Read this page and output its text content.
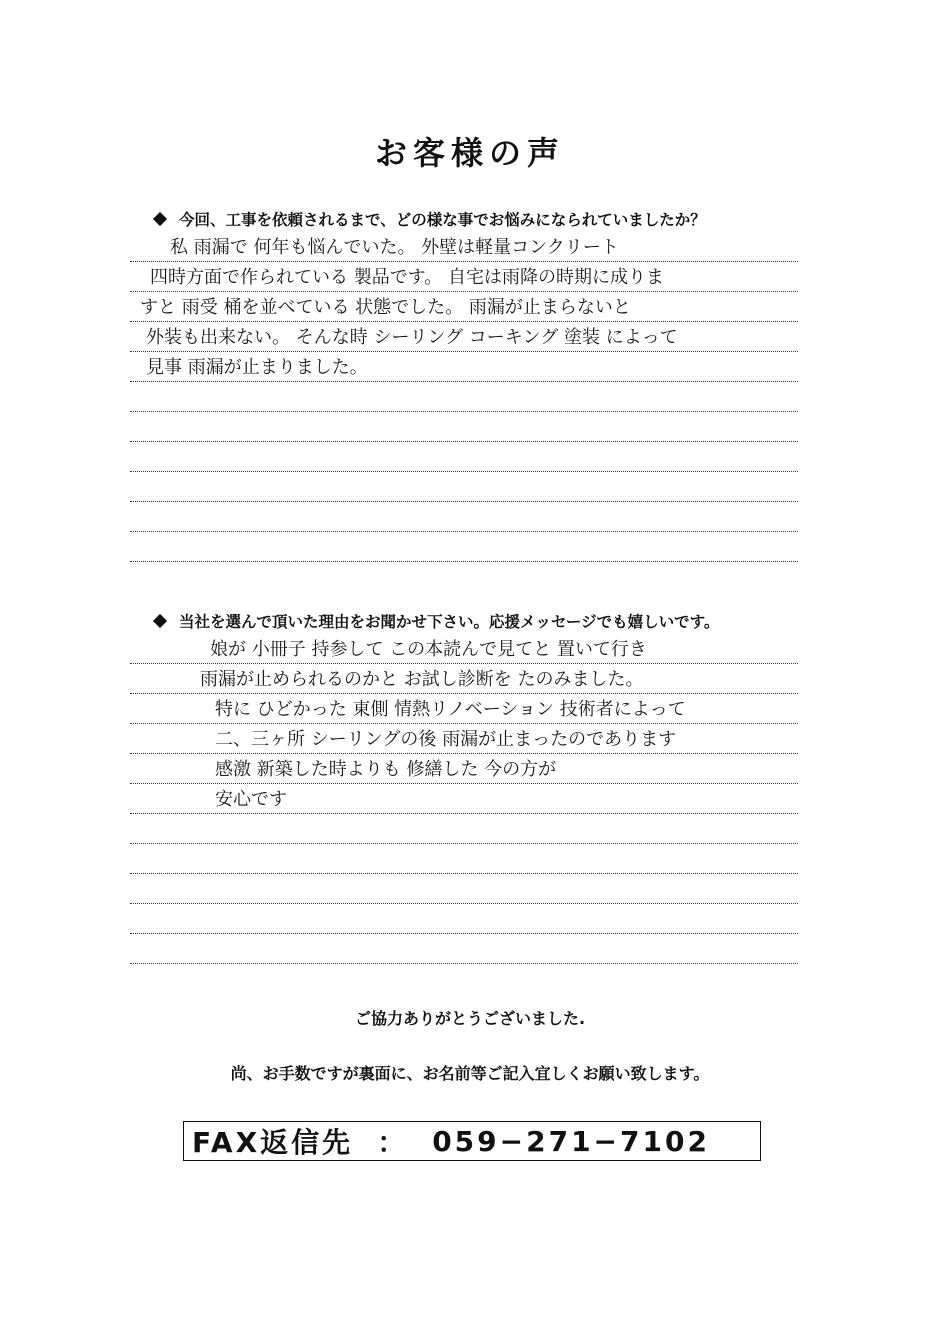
お客様の声
今回、工事を依頼されるまで、どの様な事でお悩みになられていましたか？
私 雨漏で 何年も悩んでいた。 外壁は軽量コンクリート
四時方面で作られている 製品です。 自宅は雨降の時期に成りま
すと 雨受 桶を並べている 状態でした。 雨漏が止まらないと
外装も出来ない。 そんな時 シーリング コーキング 塗装 によって
見事 雨漏が止まりました。
当社を選んで頂いた理由をお聞かせ下さい。応援メッセージでも嬉しいです。
娘が 小冊子 持参して この本読んで見てと 置いて行き
雨漏が止められるのかと お試し診断を たのみました。
特に ひどかった 東側 情熱リノベーション 技術者によって
二、三ヶ所 シーリングの後 雨漏が止まったのであります
感激 新築した時よりも 修繕した 今の方が
安心です
ご協力ありがとうございました.
尚、お手数ですが裏面に、お名前等ご記入宜しくお願い致します。
FAX返信先 ： 059−271−7102
